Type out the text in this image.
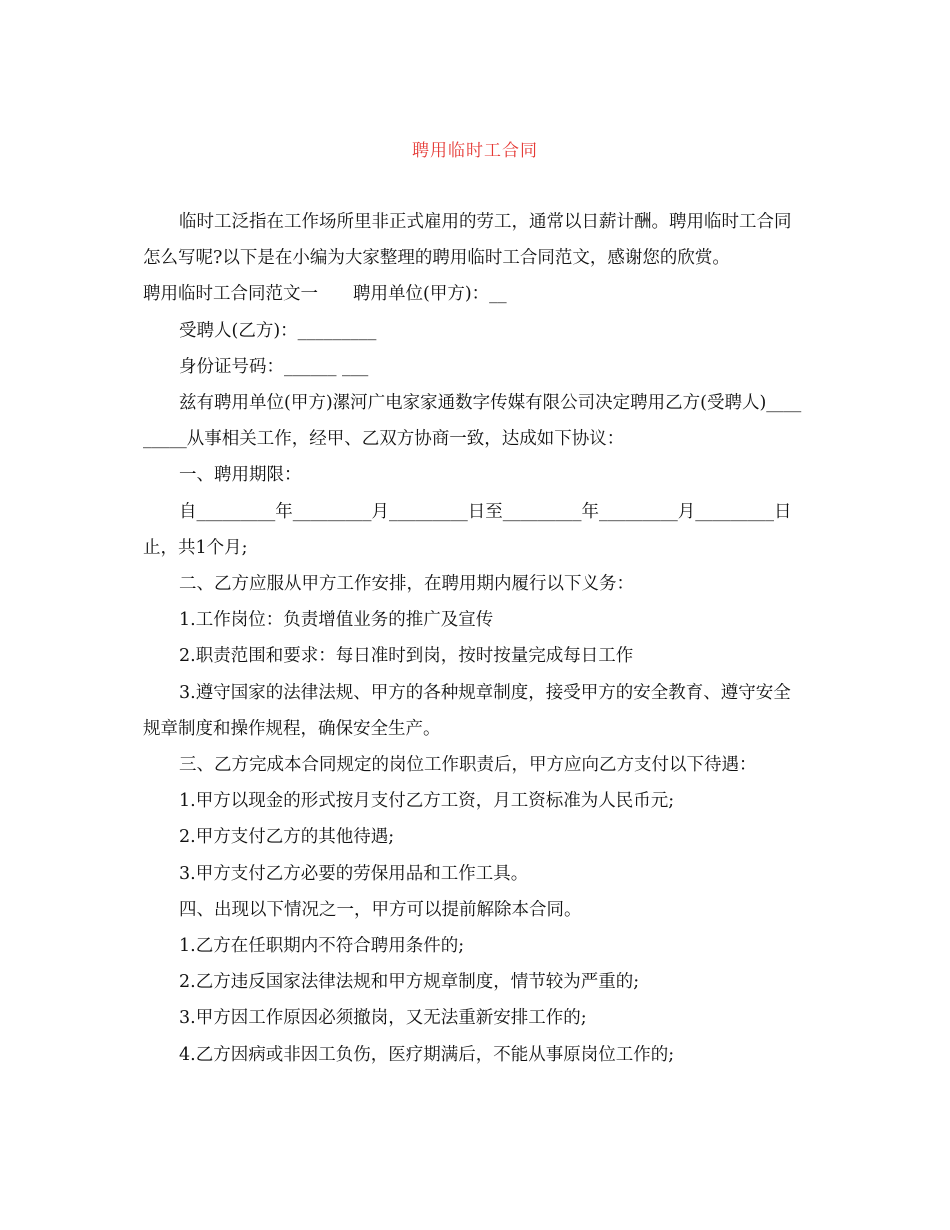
聘用临时工合同

临时工泛指在工作场所里非正式雇用的劳工，通常以日薪计酬。聘用临时工合同怎么写呢?以下是在小编为大家整理的聘用临时工合同范文，感谢您的欣赏。

聘用临时工合同范文一　　聘用单位(甲方)：__

受聘人(乙方)：_________

身份证号码：______ ___

兹有聘用单位(甲方)漯河广电家家通数字传媒有限公司决定聘用乙方(受聘人)_________从事相关工作，经甲、乙双方协商一致，达成如下协议：

一、聘用期限：

自_________年_________月_________日至_________年_________月_________日止，共1个月;

二、乙方应服从甲方工作安排，在聘用期内履行以下义务：

1.工作岗位：负责增值业务的推广及宣传

2.职责范围和要求：每日准时到岗，按时按量完成每日工作

3.遵守国家的法律法规、甲方的各种规章制度，接受甲方的安全教育、遵守安全规章制度和操作规程，确保安全生产。

三、乙方完成本合同规定的岗位工作职责后，甲方应向乙方支付以下待遇：

1.甲方以现金的形式按月支付乙方工资，月工资标准为人民币元;

2.甲方支付乙方的其他待遇;

3.甲方支付乙方必要的劳保用品和工作工具。

四、出现以下情况之一，甲方可以提前解除本合同。

1.乙方在任职期内不符合聘用条件的;

2.乙方违反国家法律法规和甲方规章制度，情节较为严重的;

3.甲方因工作原因必须撤岗，又无法重新安排工作的;

4.乙方因病或非因工负伤，医疗期满后，不能从事原岗位工作的;
